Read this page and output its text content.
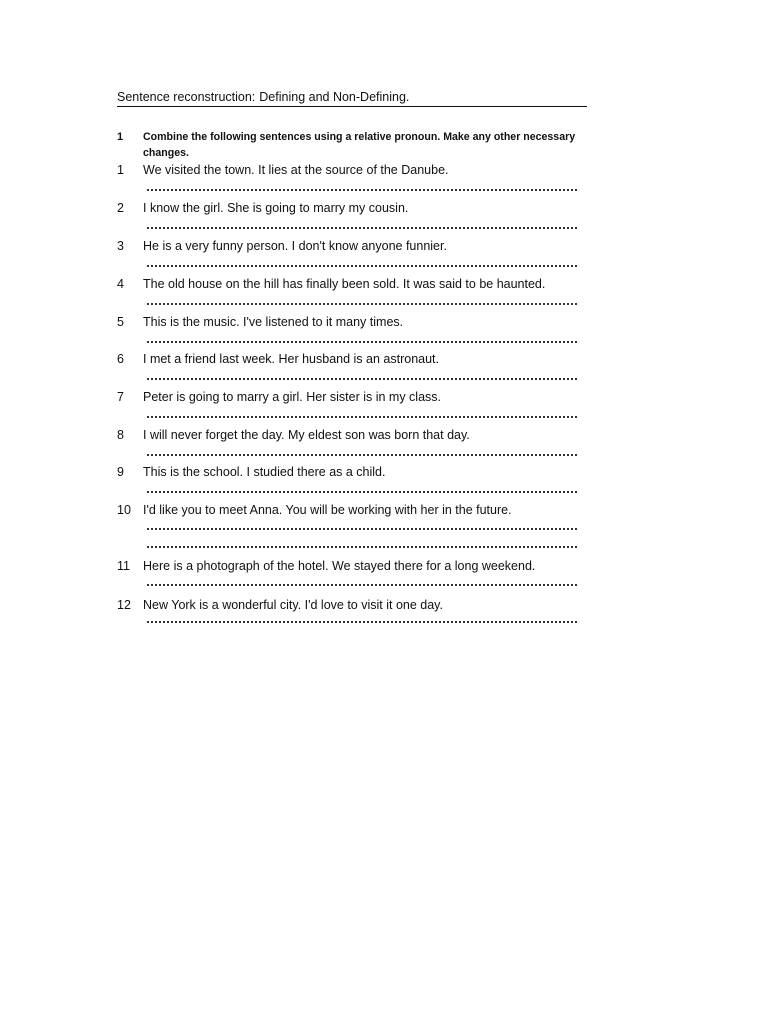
Sentence reconstruction: Defining and Non-Defining.
1 Combine the following sentences using a relative pronoun. Make any other necessary changes.
1 We visited the town. It lies at the source of the Danube.
2 I know the girl. She is going to marry my cousin.
3 He is a very funny person. I don't know anyone funnier.
4 The old house on the hill has finally been sold. It was said to be haunted.
5 This is the music. I've listened to it many times.
6 I met a friend last week. Her husband is an astronaut.
7 Peter is going to marry a girl. Her sister is in my class.
8 I will never forget the day. My eldest son was born that day.
9 This is the school. I studied there as a child.
10 I'd like you to meet Anna. You will be working with her in the future.
11 Here is a photograph of the hotel. We stayed there for a long weekend.
12 New York is a wonderful city. I'd love to visit it one day.
